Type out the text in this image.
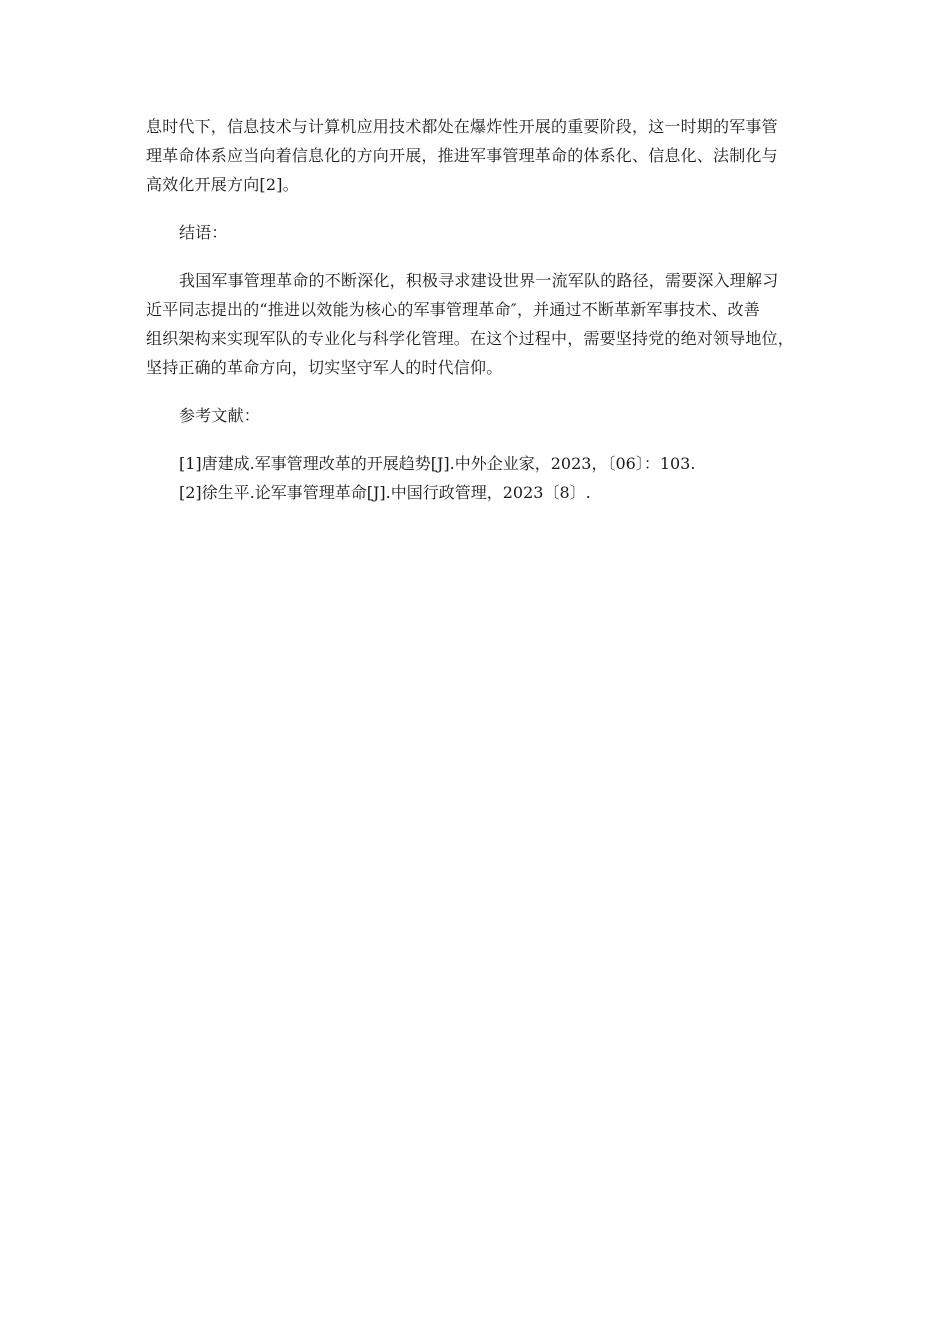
息时代下，信息技术与计算机应用技术都处在爆炸性开展的重要阶段，这一时期的军事管
理革命体系应当向着信息化的方向开展，推进军事管理革命的体系化、信息化、法制化与
高效化开展方向[2]。

结语：

我国军事管理革命的不断深化，积极寻求建设世界一流军队的路径，需要深入理解习
近平同志提出的“推进以效能为核心的军事管理革命″，并通过不断革新军事技术、改善
组织架构来实现军队的专业化与科学化管理。在这个过程中，需要坚持党的绝对领导地位，
坚持正确的革命方向，切实坚守军人的时代信仰。

参考文献：

[1]唐建成.军事管理改革的开展趋势[J].中外企业家，2023，〔06〕：103.

[2]徐生平.论军事管理革命[J].中国行政管理，2023〔8〕.
